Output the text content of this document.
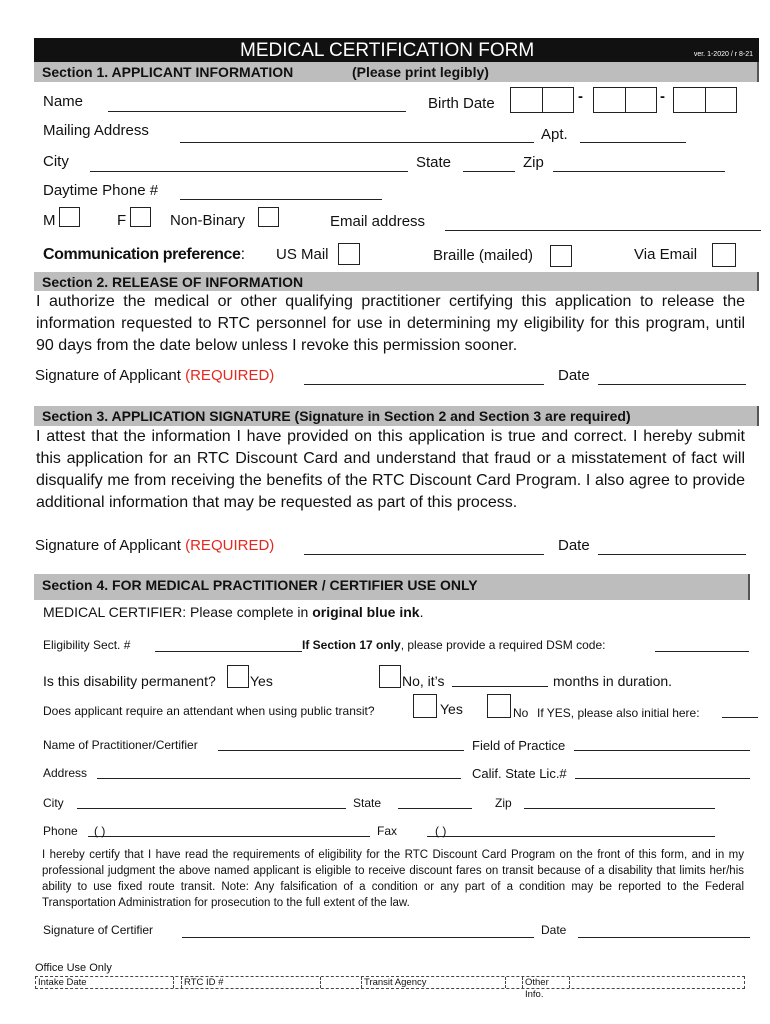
MEDICAL CERTIFICATION FORM	ver. 1-2020 / r 8-21
Section 1. APPLICANT INFORMATION	(Please print legibly)
Name	Birth Date	-	-
Mailing Address	Apt.
City	State	Zip
Daytime Phone #
M	F	Non-Binary	Email address
Communication preference: US Mail	Braille (mailed)	Via Email
Section 2. RELEASE OF INFORMATION
I authorize the medical or other qualifying practitioner certifying this application to release the information requested to RTC personnel for use in determining my eligibility for this program, until 90 days from the date below unless I revoke this permission sooner.
Signature of Applicant (REQUIRED)	Date
Section 3. APPLICATION SIGNATURE (Signature in Section 2 and Section 3 are required)
I attest that the information I have provided on this application is true and correct. I hereby submit this application for an RTC Discount Card and understand that fraud or a misstatement of fact will disqualify me from receiving the benefits of the RTC Discount Card Program. I also agree to provide additional information that may be requested as part of this process.
Signature of Applicant (REQUIRED)	Date
Section 4. FOR MEDICAL PRACTITIONER / CERTIFIER USE ONLY
MEDICAL CERTIFIER: Please complete in original blue ink.
Eligibility Sect. #	If Section 17 only, please provide a required DSM code:
Is this disability permanent? Yes	No, it’s	months in duration.
Does applicant require an attendant when using public transit?	Yes	No If YES, please also initial here:
Name of Practitioner/Certifier	Field of Practice
Address	Calif. State Lic.#
City	State	Zip
Phone ( )	Fax	( )
I hereby certify that I have read the requirements of eligibility for the RTC Discount Card Program on the front of this form, and in my professional judgment the above named applicant is eligible to receive discount fares on transit because of a disability that limits her/his ability to use fixed route transit. Note: Any falsification of a condition or any part of a condition may be reported to the Federal Transportation Administration for prosecution to the full extent of the law.
Signature of Certifier	Date
Office Use Only
Intake Date	RTC ID #	Transit Agency	Other Info.
